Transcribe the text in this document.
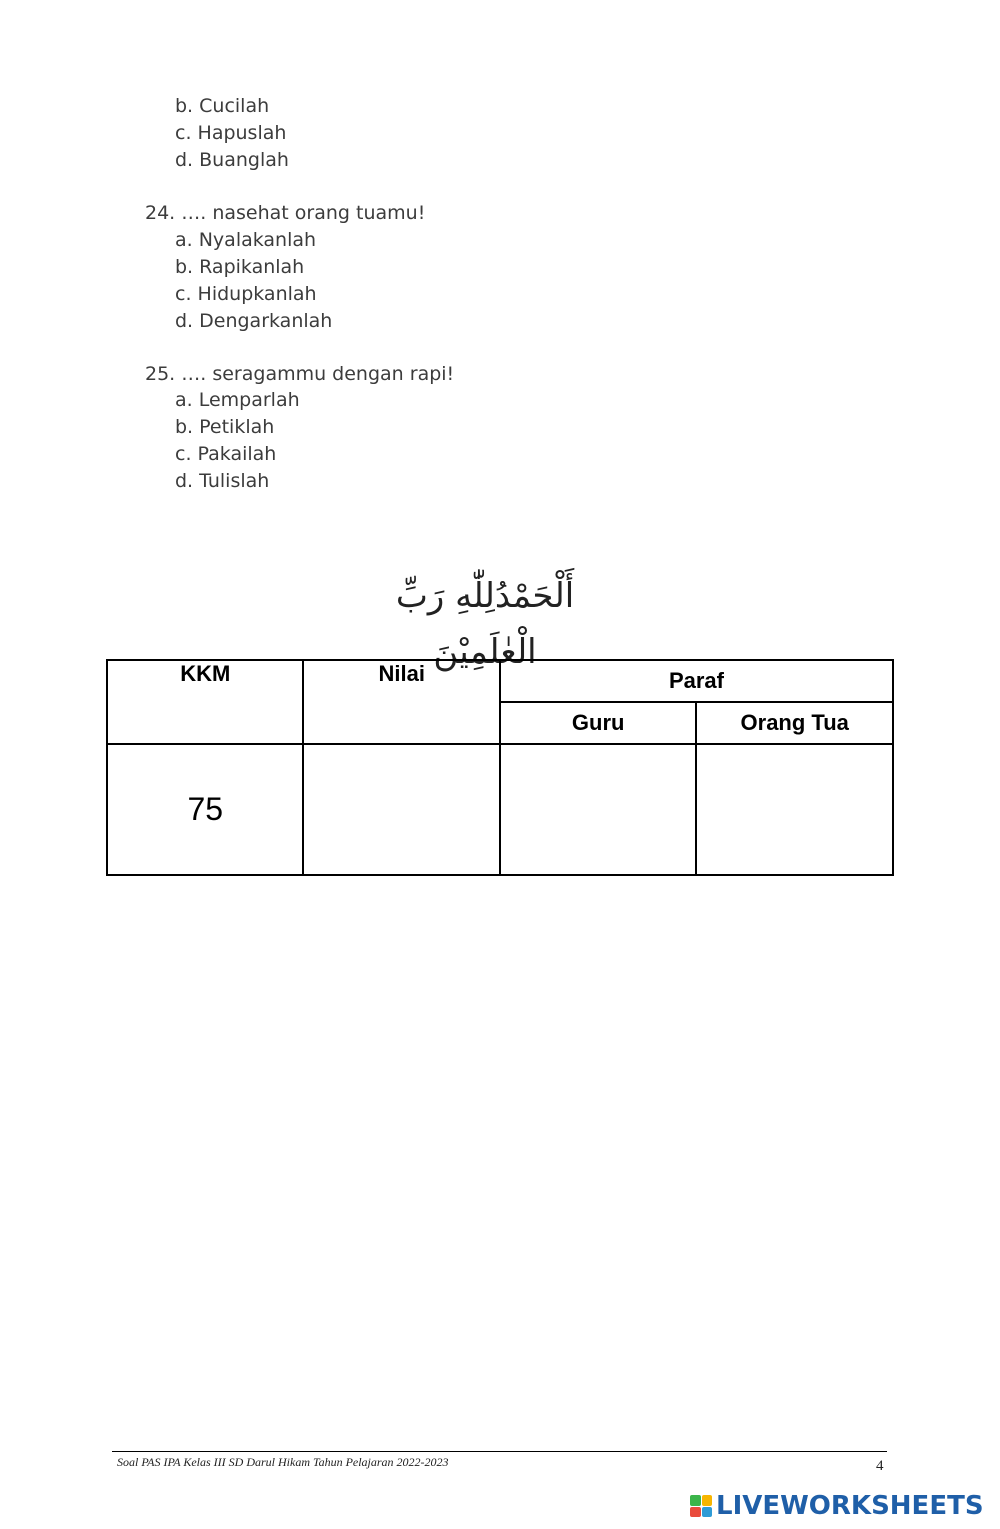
b. Cucilah
c. Hapuslah
d. Buanglah
24. …. nasehat orang tuamu!
a. Nyalakanlah
b. Rapikanlah
c. Hidupkanlah
d. Dengarkanlah
25. …. seragammu dengan rapi!
a. Lemparlah
b. Petiklah
c. Pakailah
d. Tulislah
أَلْحَمْدُلِلّٰهِ رَبِّ الْعٰلَمِيْنَ
KKM	Nilai	Paraf	
		Guru	Orang Tua
75			
Soal PAS IPA Kelas III SD Darul Hikam Tahun Pelajaran 2022-2023	4
LIVEWORKSHEETS
